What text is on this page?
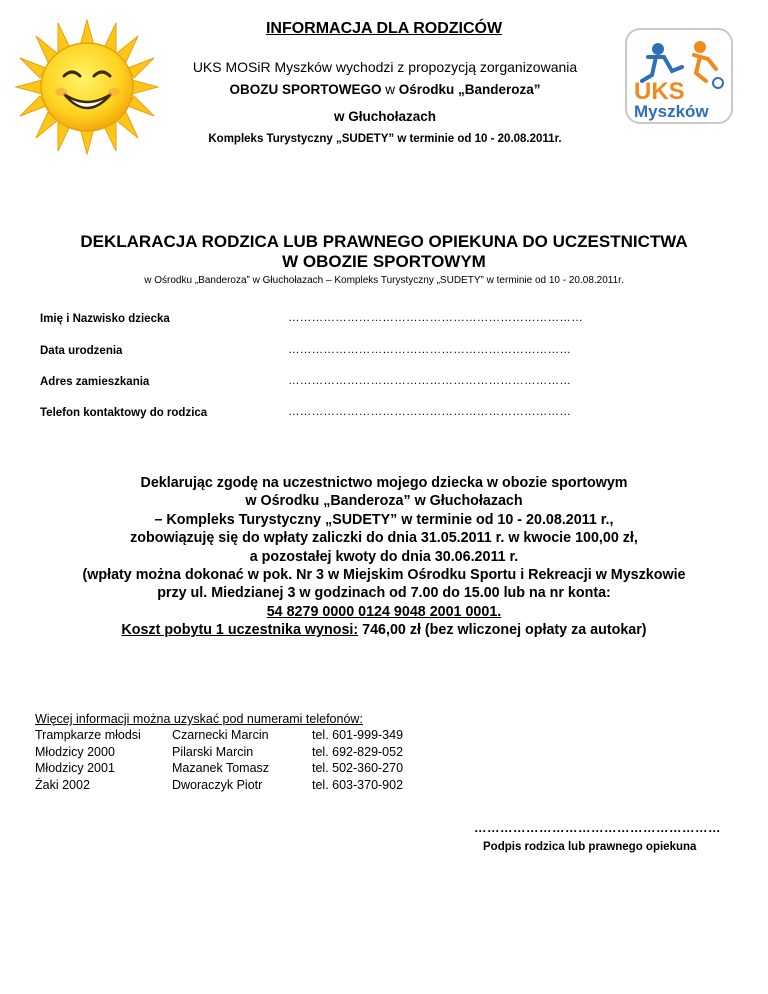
UKS
Myszków
INFORMACJA DLA RODZICÓW
UKS MOSiR Myszków wychodzi z propozycją zorganizowania
OBOZU SPORTOWEGO w Ośrodku „Banderoza”
w Głuchołazach
Kompleks Turystyczny „SUDETY” w terminie od 10 - 20.08.2011r.
DEKLARACJA RODZICA LUB PRAWNEGO OPIEKUNA DO UCZESTNICTWA
W OBOZIE SPORTOWYM
w Ośrodku „Banderoza” w Głuchołazach – Kompleks Turystyczny „SUDETY” w terminie od 10 - 20.08.2011r.
Imię i Nazwisko dziecka	…………………………………………………………………
Data urodzenia	………………………………………………………………
Adres zamieszkania	………………………………………………………………
Telefon kontaktowy do rodzica	………………………………………………………………
Deklarując zgodę na uczestnictwo mojego dziecka w obozie sportowym
w Ośrodku „Banderoza” w Głuchołazach
– Kompleks Turystyczny „SUDETY” w terminie od 10 - 20.08.2011 r.,
zobowiązuję się do wpłaty zaliczki do dnia 31.05.2011 r. w kwocie 100,00 zł,
a pozostałej kwoty do dnia 30.06.2011 r.
(wpłaty można dokonać w pok. Nr 3 w Miejskim Ośrodku Sportu i Rekreacji w Myszkowie
przy ul. Miedzianej 3 w godzinach od 7.00 do 15.00 lub na nr konta:
54 8279 0000 0124 9048 2001 0001.
Koszt pobytu 1 uczestnika wynosi: 746,00 zł (bez wliczonej opłaty za autokar)
Więcej informacji można uzyskać pod numerami telefonów:
Trampkarze młodsi	Czarnecki Marcin	tel. 601-999-349
Młodzicy 2000	Pilarski Marcin	tel. 692-829-052
Młodzicy 2001	Mazanek Tomasz	tel. 502-360-270
Żaki 2002	Dworaczyk Piotr	tel. 603-370-902
…………………………………………………
Podpis rodzica lub prawnego opiekuna
